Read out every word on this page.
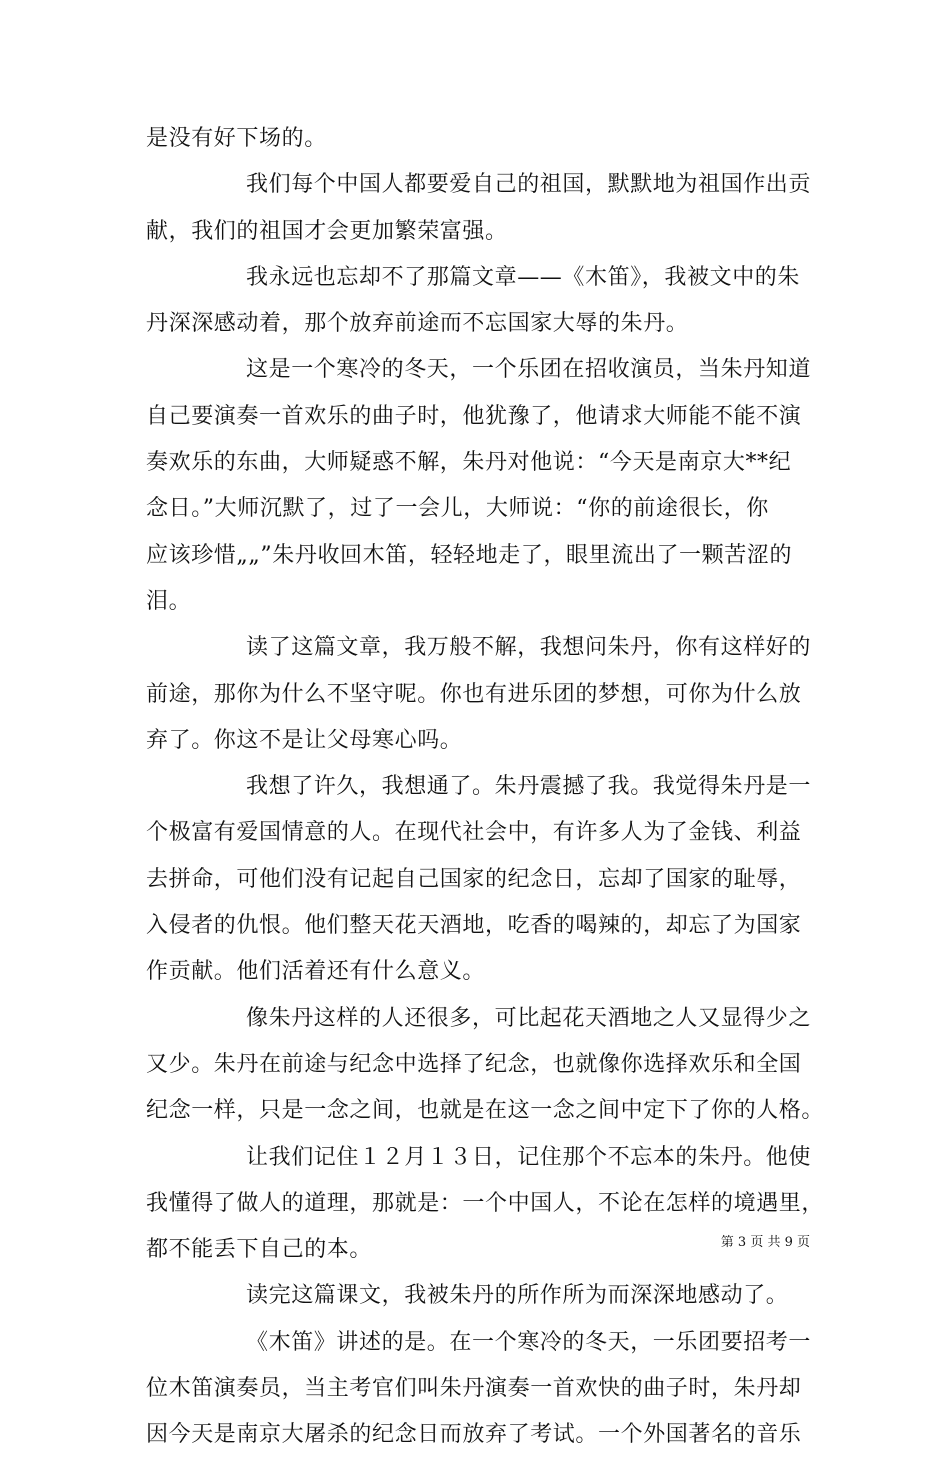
是没有好下场的。
我们每个中国人都要爱自己的祖国，默默地为祖国作出贡
献，我们的祖国才会更加繁荣富强。
我永远也忘却不了那篇文章——《木笛》，我被文中的朱
丹深深感动着，那个放弃前途而不忘国家大辱的朱丹。
这是一个寒冷的冬天，一个乐团在招收演员，当朱丹知道
自己要演奏一首欢乐的曲子时，他犹豫了，他请求大师能不能不演
奏欢乐的东曲，大师疑惑不解，朱丹对他说：“今天是南京大**纪
念日。”大师沉默了，过了一会儿，大师说：“你的前途很长，你
应该珍惜„„”朱丹收回木笛，轻轻地走了，眼里流出了一颗苦涩的
泪。
读了这篇文章，我万般不解，我想问朱丹，你有这样好的
前途，那你为什么不坚守呢。你也有进乐团的梦想，可你为什么放
弃了。你这不是让父母寒心吗。
我想了许久，我想通了。朱丹震撼了我。我觉得朱丹是一
个极富有爱国情意的人。在现代社会中，有许多人为了金钱、利益
去拼命，可他们没有记起自己国家的纪念日，忘却了国家的耻辱，
入侵者的仇恨。他们整天花天酒地，吃香的喝辣的，却忘了为国家
作贡献。他们活着还有什么意义。
像朱丹这样的人还很多，可比起花天酒地之人又显得少之
又少。朱丹在前途与纪念中选择了纪念，也就像你选择欢乐和全国
纪念一样，只是一念之间，也就是在这一念之间中定下了你的人格。
让我们记住１２月１３日，记住那个不忘本的朱丹。他使
我懂得了做人的道理，那就是：一个中国人，不论在怎样的境遇里，
都不能丢下自己的本。
读完这篇课文，我被朱丹的所作所为而深深地感动了。
《木笛》讲述的是。在一个寒冷的冬天，一乐团要招考一
位木笛演奏员，当主考官们叫朱丹演奏一首欢快的曲子时，朱丹却
因今天是南京大屠杀的纪念日而放弃了考试。一个外国著名的音乐
第 3 页 共 9 页
